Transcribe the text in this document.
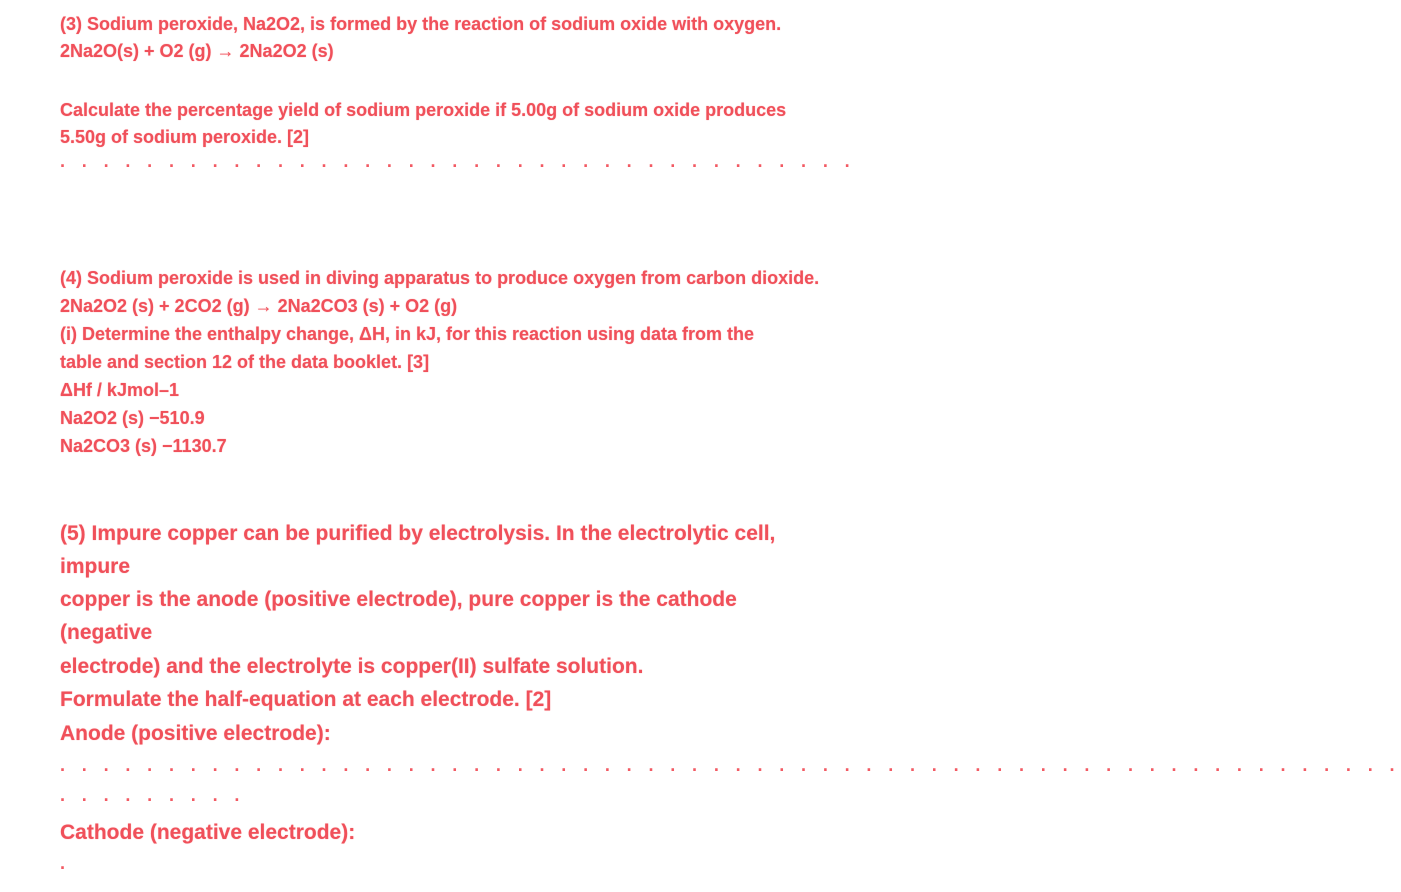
(3) Sodium peroxide, Na2O2, is formed by the reaction of sodium oxide with oxygen.

2Na2O(s) + O2 (g) → 2Na2O2 (s)

Calculate the percentage yield of sodium peroxide if 5.00g of sodium oxide produces

5.50g of sodium peroxide. [2]

· · · · · · · · · · · · · · · · · · · · · · · · · · · · · · · · · · · · ·

(4) Sodium peroxide is used in diving apparatus to produce oxygen from carbon dioxide.

2Na2O2 (s) + 2CO2 (g) → 2Na2CO3 (s) + O2 (g)

(i) Determine the enthalpy change, ΔH, in kJ, for this reaction using data from the

table and section 12 of the data booklet. [3]

ΔHf / kJmol–1

Na2O2 (s) −510.9

Na2CO3 (s) −1130.7

(5) Impure copper can be purified by electrolysis. In the electrolytic cell,

impure

copper is the anode (positive electrode), pure copper is the cathode

(negative

electrode) and the electrolyte is copper(II) sulfate solution.

Formulate the half-equation at each electrode. [2]

Anode (positive electrode):

· · · · · · · · · · · · · · · · · · · · · · · · · · · · · · · · · · · · · · · · · · · · · · · · · · · · · · · · · · · · · ·

· · · · · · · · ·

Cathode (negative electrode):

·
